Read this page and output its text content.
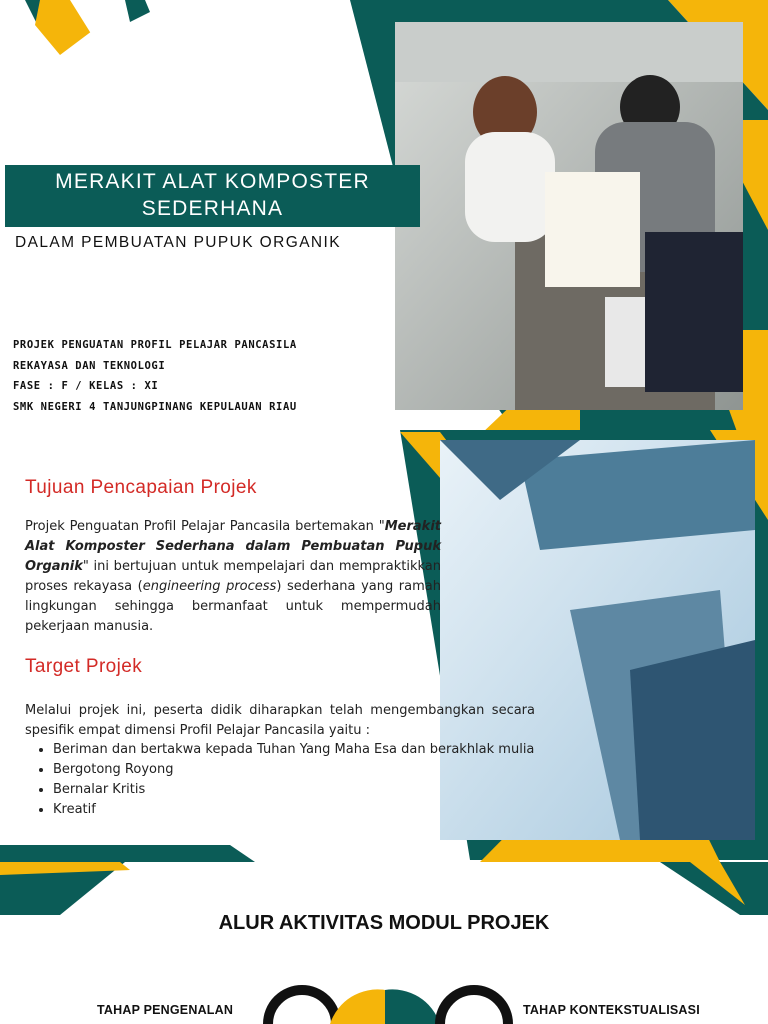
MERAKIT ALAT KOMPOSTER
SEDERHANA
DALAM PEMBUATAN PUPUK ORGANIK
PROJEK PENGUATAN PROFIL PELAJAR PANCASILA
REKAYASA DAN TEKNOLOGI
FASE : F / KELAS : XI
SMK NEGERI 4 TANJUNGPINANG KEPULAUAN RIAU
Tujuan Pencapaian Projek
Projek Penguatan Profil Pelajar Pancasila bertemakan "Merakit Alat Komposter Sederhana dalam Pembuatan Pupuk Organik" ini bertujuan untuk mempelajari dan mempraktikkan proses rekayasa (engineering process) sederhana yang ramah lingkungan sehingga bermanfaat untuk mempermudah pekerjaan manusia.
Target Projek
Melalui projek ini, peserta didik diharapkan telah mengembangkan secara spesifik empat dimensi Profil Pelajar Pancasila yaitu :
• Beriman dan bertakwa kepada Tuhan Yang Maha Esa dan berakhlak mulia
• Bergotong Royong
• Bernalar Kritis
• Kreatif
ALUR AKTIVITAS MODUL PROJEK
TAHAP PENGENALAN	TAHAP KONTEKSTUALISASI
